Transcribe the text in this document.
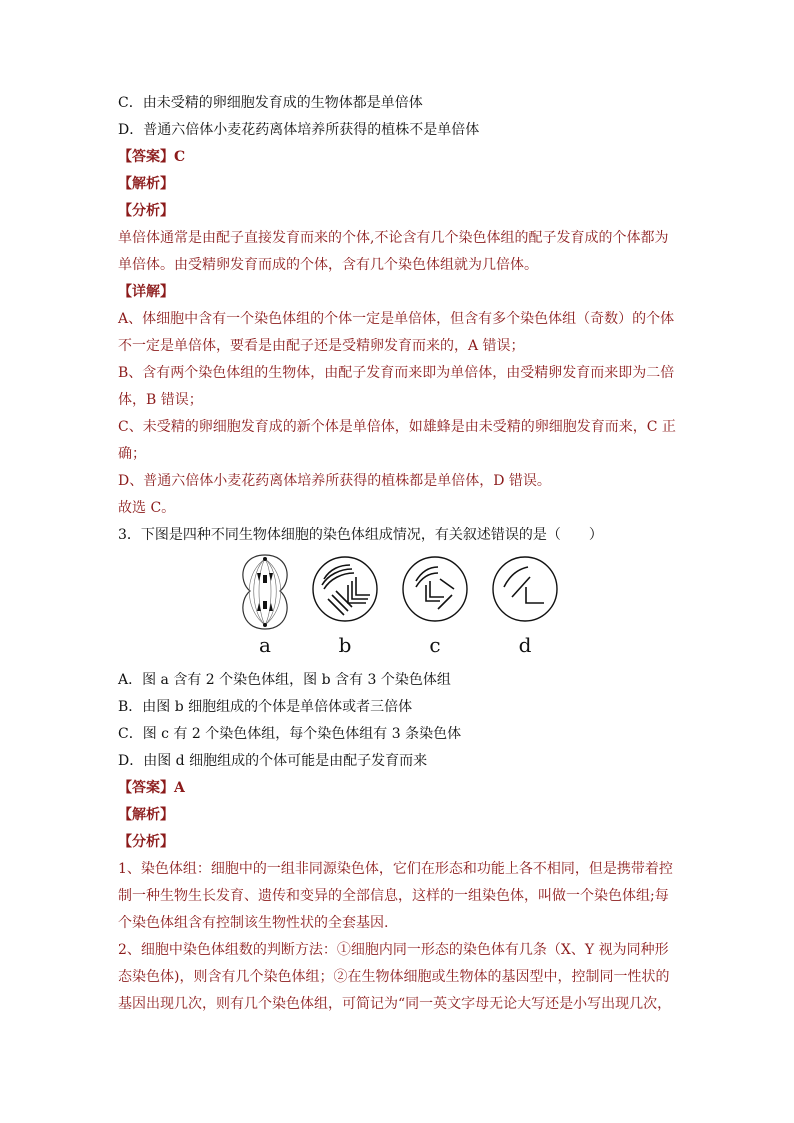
C．由未受精的卵细胞发育成的生物体都是单倍体
D．普通六倍体小麦花药离体培养所获得的植株不是单倍体
【答案】C
【解析】
【分析】
单倍体通常是由配子直接发育而来的个体,不论含有几个染色体组的配子发育成的个体都为
单倍体。由受精卵发育而成的个体，含有几个染色体组就为几倍体。
【详解】
A、体细胞中含有一个染色体组的个体一定是单倍体，但含有多个染色体组（奇数）的个体
不一定是单倍体，要看是由配子还是受精卵发育而来的，A 错误；
B、含有两个染色体组的生物体，由配子发育而来即为单倍体，由受精卵发育而来即为二倍
体，B 错误；
C、未受精的卵细胞发育成的新个体是单倍体，如雄蜂是由未受精的卵细胞发育而来，C 正
确；
D、普通六倍体小麦花药离体培养所获得的植株都是单倍体，D 错误。
故选 C。
3．下图是四种不同生物体细胞的染色体组成情况，有关叙述错误的是（　　）
a	b	c	d
A．图 a 含有 2 个染色体组，图 b 含有 3 个染色体组
B．由图 b 细胞组成的个体是单倍体或者三倍体
C．图 c 有 2 个染色体组，每个染色体组有 3 条染色体
D．由图 d 细胞组成的个体可能是由配子发育而来
【答案】A
【解析】
【分析】
1、染色体组：细胞中的一组非同源染色体，它们在形态和功能上各不相同，但是携带着控
制一种生物生长发育、遗传和变异的全部信息，这样的一组染色体，叫做一个染色体组;每
个染色体组含有控制该生物性状的全套基因.
2、细胞中染色体组数的判断方法：①细胞内同一形态的染色体有几条（X、Y 视为同种形
态染色体)，则含有几个染色体组；②在生物体细胞或生物体的基因型中，控制同一性状的
基因出现几次，则有几个染色体组，可简记为“同一英文字母无论大写还是小写出现几次，
